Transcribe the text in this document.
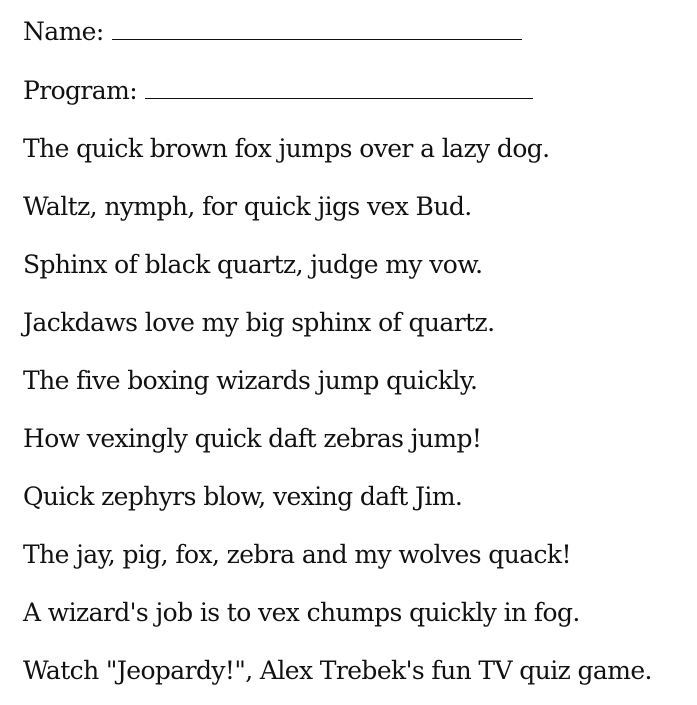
Name:
Program:
The quick brown fox jumps over a lazy dog.
Waltz, nymph, for quick jigs vex Bud.
Sphinx of black quartz, judge my vow.
Jackdaws love my big sphinx of quartz.
The five boxing wizards jump quickly.
How vexingly quick daft zebras jump!
Quick zephyrs blow, vexing daft Jim.
The jay, pig, fox, zebra and my wolves quack!
A wizard's job is to vex chumps quickly in fog.
Watch "Jeopardy!", Alex Trebek's fun TV quiz game.
